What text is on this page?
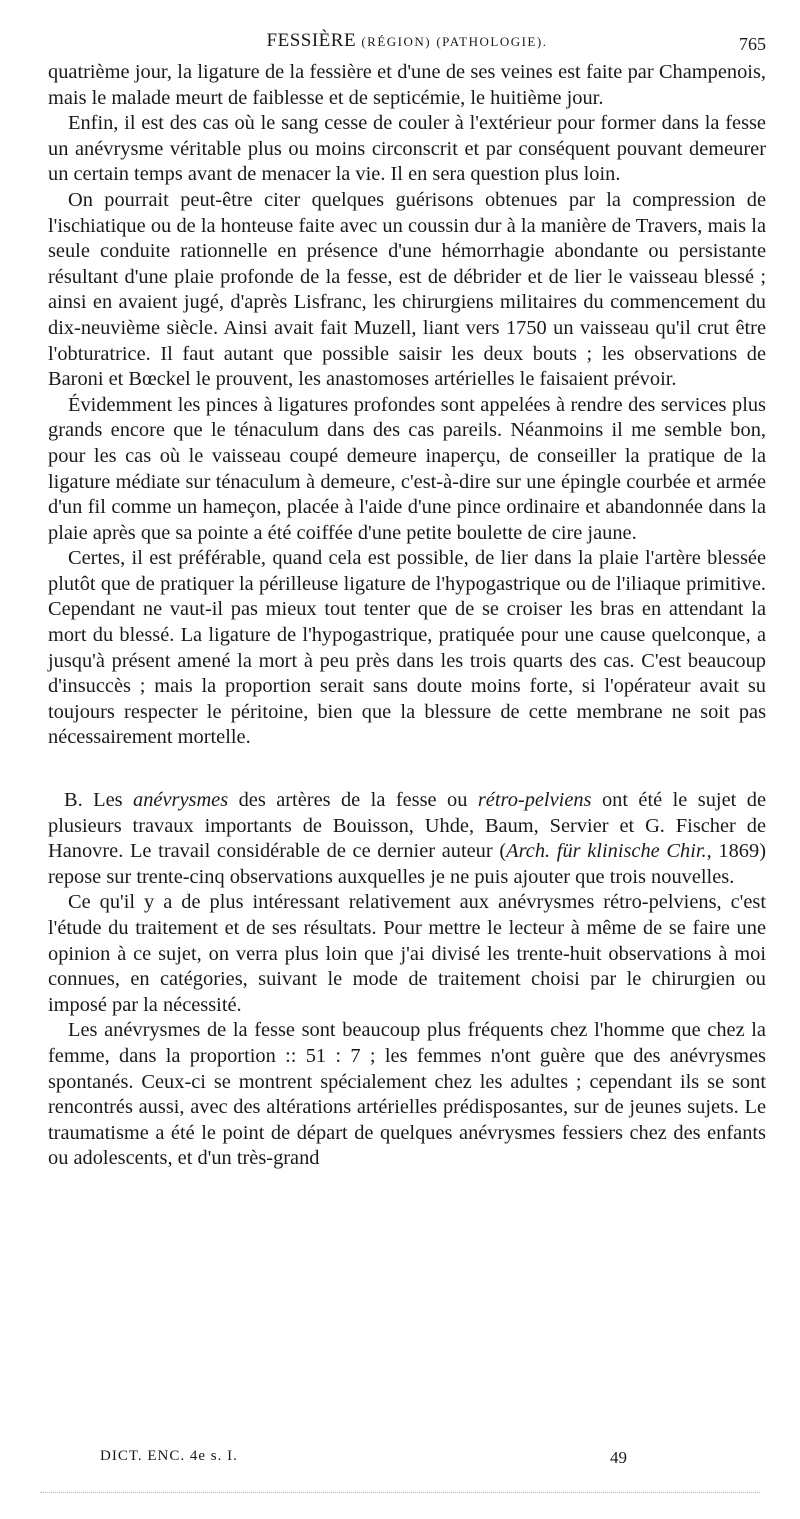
FESSIÈRE (RÉGION) (PATHOLOGIE).	765

quatrième jour, la ligature de la fessière et d'une de ses veines est faite par Champenois, mais le malade meurt de faiblesse et de septicémie, le huitième jour.

Enfin, il est des cas où le sang cesse de couler à l'extérieur pour former dans la fesse un anévrysme véritable plus ou moins circonscrit et par conséquent pouvant demeurer un certain temps avant de menacer la vie. Il en sera question plus loin.

On pourrait peut-être citer quelques guérisons obtenues par la compression de l'ischiatique ou de la honteuse faite avec un coussin dur à la manière de Travers, mais la seule conduite rationnelle en présence d'une hémorrhagie abondante ou persistante résultant d'une plaie profonde de la fesse, est de débrider et de lier le vaisseau blessé ; ainsi en avaient jugé, d'après Lisfranc, les chirurgiens militaires du commencement du dix-neuvième siècle. Ainsi avait fait Muzell, liant vers 1750 un vaisseau qu'il crut être l'obturatrice. Il faut autant que possible saisir les deux bouts ; les observations de Baroni et Bœckel le prouvent, les anastomoses artérielles le faisaient prévoir.

Évidemment les pinces à ligatures profondes sont appelées à rendre des services plus grands encore que le ténaculum dans des cas pareils. Néanmoins il me semble bon, pour les cas où le vaisseau coupé demeure inaperçu, de conseiller la pratique de la ligature médiate sur ténaculum à demeure, c'est-à-dire sur une épingle courbée et armée d'un fil comme un hameçon, placée à l'aide d'une pince ordinaire et abandonnée dans la plaie après que sa pointe a été coiffée d'une petite boulette de cire jaune.

Certes, il est préférable, quand cela est possible, de lier dans la plaie l'artère blessée plutôt que de pratiquer la périlleuse ligature de l'hypogastrique ou de l'iliaque primitive. Cependant ne vaut-il pas mieux tout tenter que de se croiser les bras en attendant la mort du blessé. La ligature de l'hypogastrique, pratiquée pour une cause quelconque, a jusqu'à présent amené la mort à peu près dans les trois quarts des cas. C'est beaucoup d'insuccès ; mais la proportion serait sans doute moins forte, si l'opérateur avait su toujours respecter le péritoine, bien que la blessure de cette membrane ne soit pas nécessairement mortelle.

B. Les anévrysmes des artères de la fesse ou rétro-pelviens ont été le sujet de plusieurs travaux importants de Bouisson, Uhde, Baum, Servier et G. Fischer de Hanovre. Le travail considérable de ce dernier auteur (Arch. für klinische Chir., 1869) repose sur trente-cinq observations auxquelles je ne puis ajouter que trois nouvelles.

Ce qu'il y a de plus intéressant relativement aux anévrysmes rétro-pelviens, c'est l'étude du traitement et de ses résultats. Pour mettre le lecteur à même de se faire une opinion à ce sujet, on verra plus loin que j'ai divisé les trente-huit observations à moi connues, en catégories, suivant le mode de traitement choisi par le chirurgien ou imposé par la nécessité.

Les anévrysmes de la fesse sont beaucoup plus fréquents chez l'homme que chez la femme, dans la proportion :: 51 : 7 ; les femmes n'ont guère que des anévrysmes spontanés. Ceux-ci se montrent spécialement chez les adultes ; cependant ils se sont rencontrés aussi, avec des altérations artérielles prédisposantes, sur de jeunes sujets. Le traumatisme a été le point de départ de quelques anévrysmes fessiers chez des enfants ou adolescents, et d'un très-grand

DICT. ENC. 4e s. I.	49
